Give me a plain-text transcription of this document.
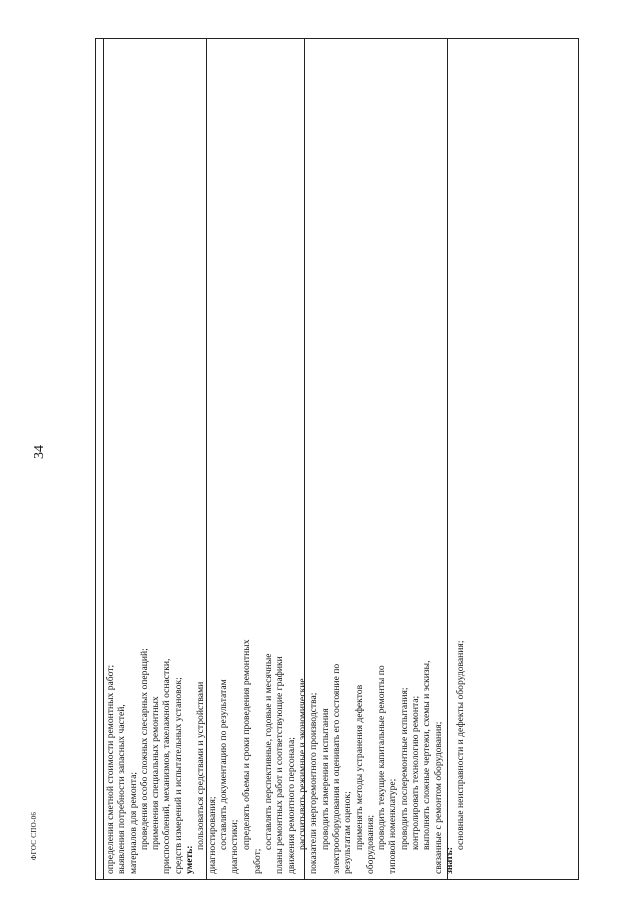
34
определения сметной стоимости ремонтных работ; выявления потребности запасных частей, материалов для ремонта; проведения особо сложных слесарных операций; применения специальных ремонтных приспособлений, механизмов, такелажной оснастки, средств измерений и испытательных установок; уметь:
пользоваться средствами и устройствами диагностирования; составлять документацию по результатам диагностики; определять объемы и сроки проведения ремонтных
работ;
составлять перспективные, годовые и месячные планы ремонтных работ и соответствующие графики движения ремонтного персонала; рассчитывать режимные и экономические показатели энергоремонтного производства; проводить измерения и испытания электрооборудования и оценивать его состояние по результатам оценок; применять методы устранения дефектов оборудования; проводить текущие капитальные ремонты по типовой номенклатуре; проводить послеремонтные испытания; контролировать технологию ремонта; выполнять сложные чертежи, схемы и эскизы, связанные с ремонтом оборудования; знать:
основные неисправности и дефекты оборудования;
ФГОС СПО-06
